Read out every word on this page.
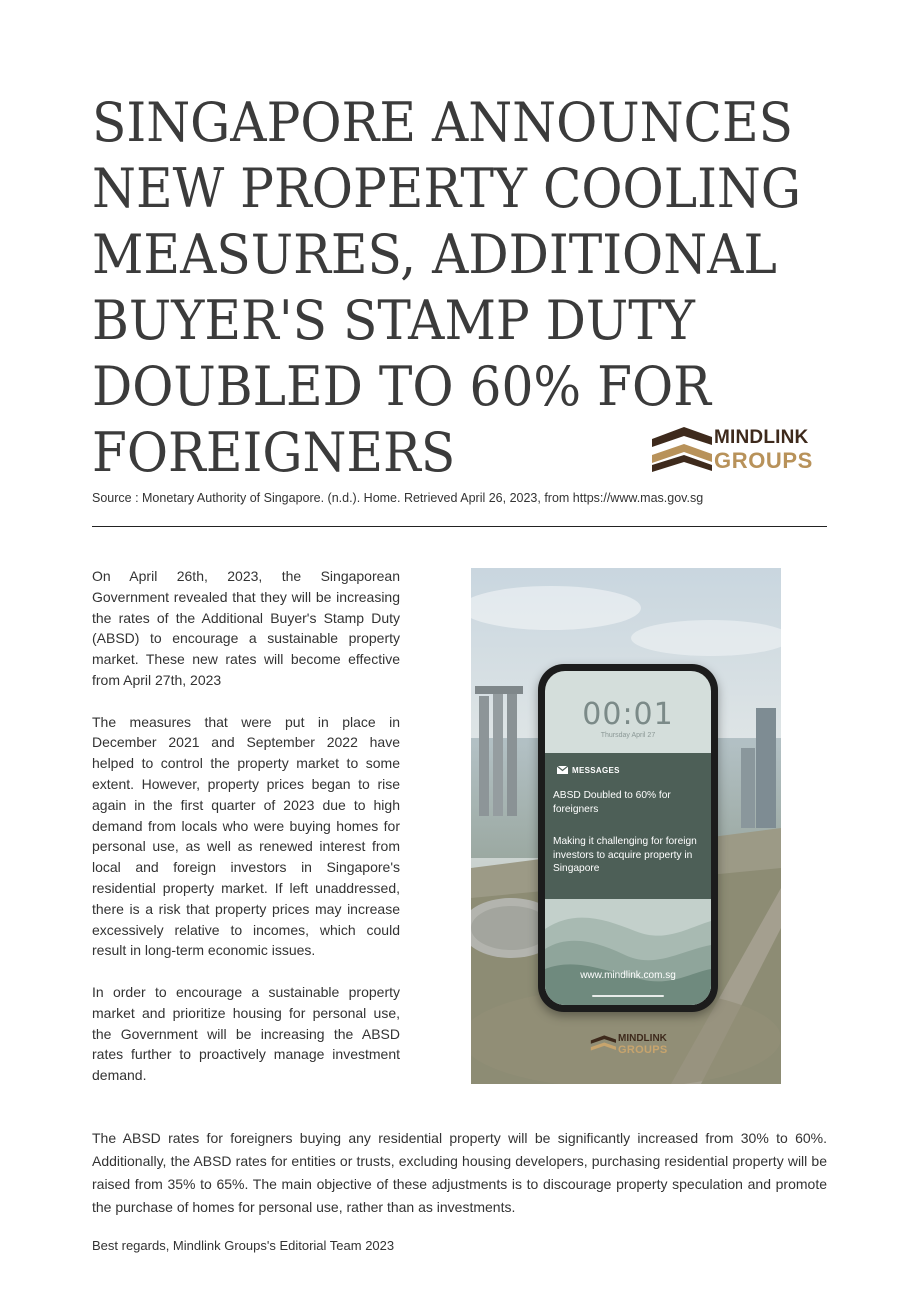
SINGAPORE ANNOUNCES
NEW PROPERTY COOLING
MEASURES, ADDITIONAL
BUYER'S STAMP DUTY
DOUBLED TO 60% FOR
FOREIGNERS	MINDLINK
GROUPS
Source : Monetary Authority of Singapore. (n.d.). Home. Retrieved April 26, 2023, from https://www.mas.gov.sg

On April 26th, 2023, the Singaporean Government revealed that they will be increasing the rates of the Additional Buyer's Stamp Duty (ABSD) to encourage a sustainable property market. These new rates will become effective from April 27th, 2023

The measures that were put in place in December 2021 and September 2022 have helped to control the property market to some extent. However, property prices began to rise again in the first quarter of 2023 due to high demand from locals who were buying homes for personal use, as well as renewed interest from local and foreign investors in Singapore's residential property market. If left unaddressed, there is a risk that property prices may increase excessively relative to incomes, which could result in long-term economic issues.

In order to encourage a sustainable property market and prioritize housing for personal use, the Government will be increasing the ABSD rates further to proactively manage investment demand.

00:01
Thursday April 27
MESSAGES
ABSD Doubled to 60% for foreigners
Making it challenging for foreign investors to acquire property in Singapore
www.mindlink.com.sg
MINDLINK
GROUPS

The ABSD rates for foreigners buying any residential property will be significantly increased from 30% to 60%. Additionally, the ABSD rates for entities or trusts, excluding housing developers, purchasing residential property will be raised from 35% to 65%. The main objective of these adjustments is to discourage property speculation and promote the purchase of homes for personal use, rather than as investments.

Best regards, Mindlink Groups's Editorial Team 2023
